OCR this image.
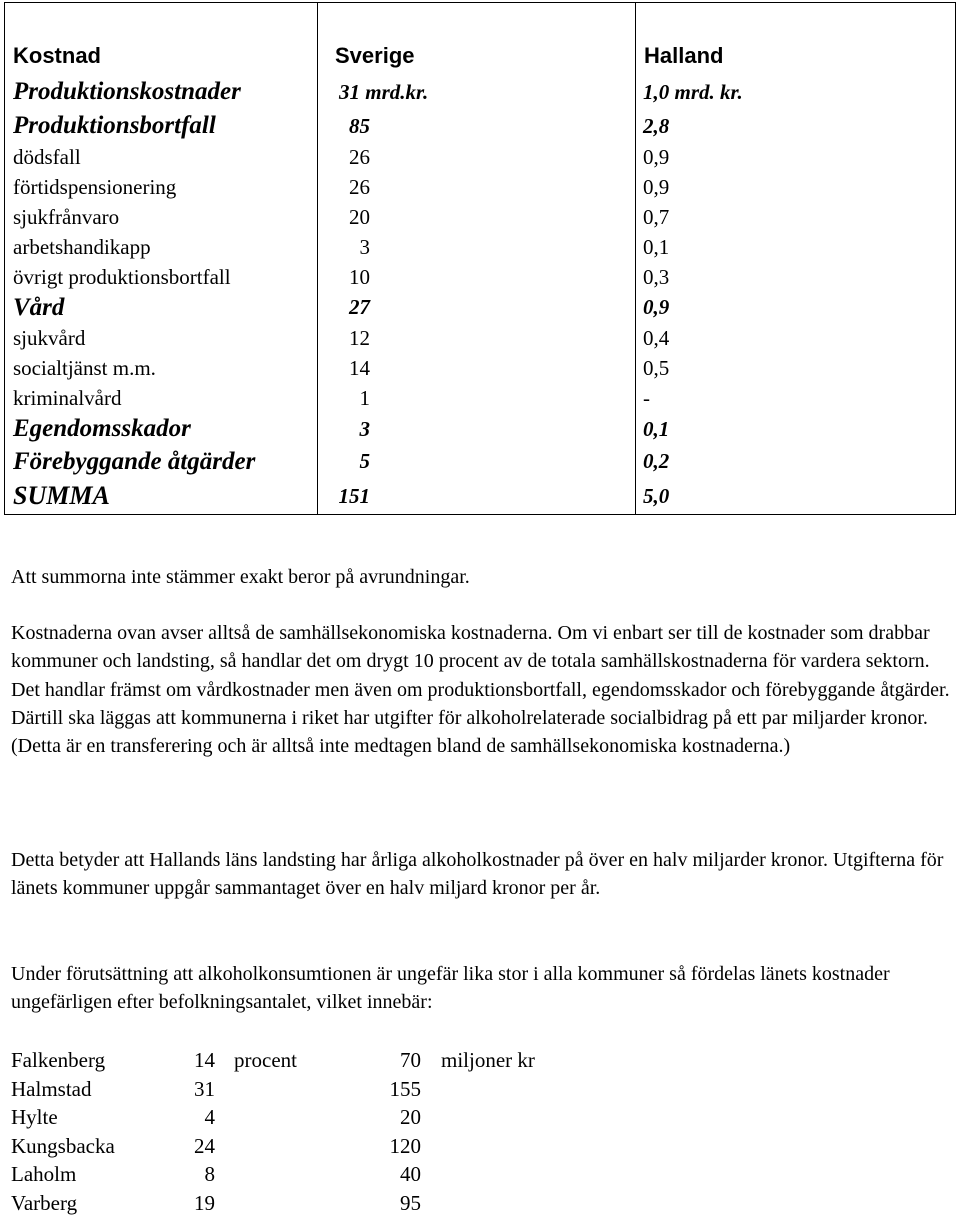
Kostnad	Sverige	Halland
Produktionskostnader	31 mrd.kr.	1,0 mrd. kr.
Produktionsbortfall	85	2,8
dödsfall	26	0,9
förtidspensionering	26	0,9
sjukfrånvaro	20	0,7
arbetshandikapp	3	0,1
övrigt produktionsbortfall	10	0,3
Vård	27	0,9
sjukvård	12	0,4
socialtjänst m.m.	14	0,5
kriminalvård	1	-
Egendomsskador	3	0,1
Förebyggande åtgärder	5	0,2
SUMMA	151	5,0

Att summorna inte stämmer exakt beror på avrundningar.

Kostnaderna ovan avser alltså de samhällsekonomiska kostnaderna. Om vi enbart ser till de kostnader som drabbar kommuner och landsting, så handlar det om drygt 10 procent av de totala samhällskostnaderna för vardera sektorn. Det handlar främst om vårdkostnader men även om produktionsbortfall, egendomsskador och förebyggande åtgärder. Därtill ska läggas att kommunerna i riket har utgifter för alkoholrelaterade socialbidrag på ett par miljarder kronor. (Detta är en transferering och är alltså inte medtagen bland de samhällsekonomiska kostnaderna.)

Detta betyder att Hallands läns landsting har årliga alkoholkostnader på över en halv miljarder kronor. Utgifterna för länets kommuner uppgår sammantaget över en halv miljard kronor per år.

Under förutsättning att alkoholkonsumtionen är ungefär lika stor i alla kommuner så fördelas länets kostnader ungefärligen efter befolkningsantalet, vilket innebär:

Falkenberg	14 procent	70 miljoner kr
Halmstad	31	155
Hylte	4	20
Kungsbacka	24	120
Laholm	8	40
Varberg	19	95
